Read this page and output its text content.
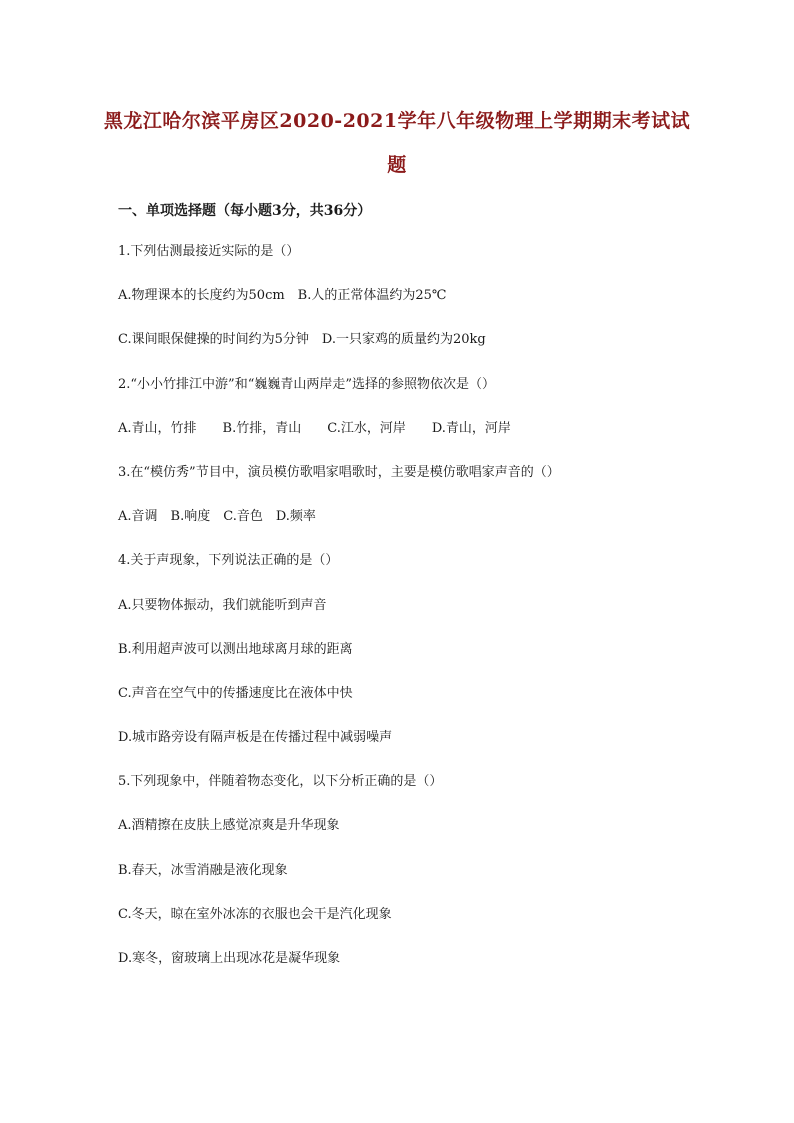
黑龙江哈尔滨平房区2020-2021学年八年级物理上学期期末考试试
题
一、单项选择题（每小题3分，共36分）
1.下列估测最接近实际的是（）
A.物理课本的长度约为50cm　B.人的正常体温约为25℃
C.课间眼保健操的时间约为5分钟　D.一只家鸡的质量约为20kg
2.“小小竹排江中游”和“巍巍青山两岸走”选择的参照物依次是（）
A.青山，竹排　　B.竹排，青山　　C.江水，河岸　　D.青山，河岸
3.在“模仿秀”节目中，演员模仿歌唱家唱歌时，主要是模仿歌唱家声音的（）
A.音调　B.响度　C.音色　D.频率
4.关于声现象，下列说法正确的是（）
A.只要物体振动，我们就能听到声音
B.利用超声波可以测出地球离月球的距离
C.声音在空气中的传播速度比在液体中快
D.城市路旁设有隔声板是在传播过程中减弱噪声
5.下列现象中，伴随着物态变化，以下分析正确的是（）
A.酒精擦在皮肤上感觉凉爽是升华现象
B.春天，冰雪消融是液化现象
C.冬天，晾在室外冰冻的衣服也会干是汽化现象
D.寒冬，窗玻璃上出现冰花是凝华现象
